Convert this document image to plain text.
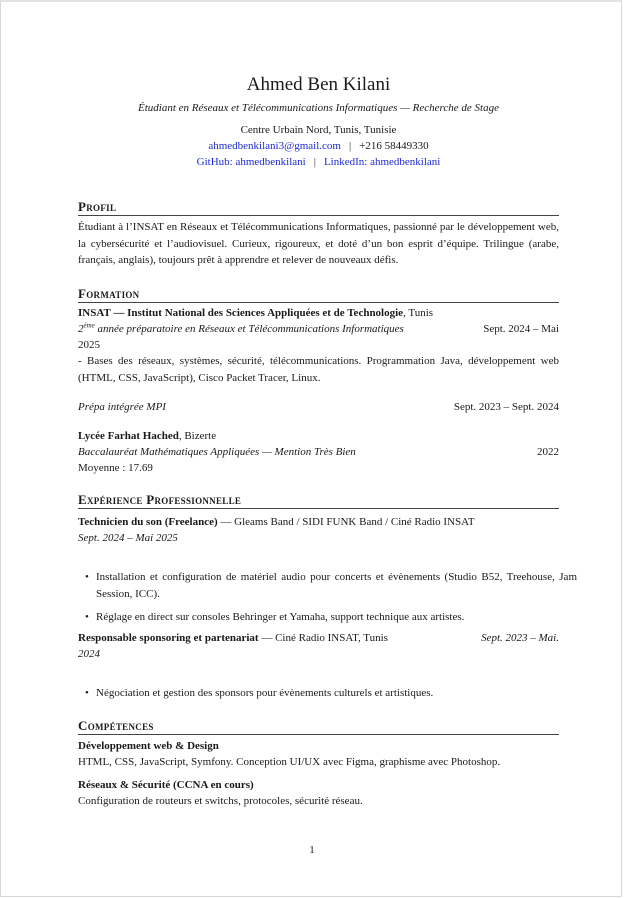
Ahmed Ben Kilani
Étudiant en Réseaux et Télécommunications Informatiques — Recherche de Stage
Centre Urbain Nord, Tunis, Tunisie
ahmedbenkilani3@gmail.com | +216 58449330
GitHub: ahmedbenkilani | LinkedIn: ahmedbenkilani
Profil
Étudiant à l’INSAT en Réseaux et Télécommunications Informatiques, passionné par le développement web, la cybersécurité et l’audiovisuel. Curieux, rigoureux, et doté d’un bon esprit d’équipe. Trilingue (arabe, français, anglais), toujours prêt à apprendre et relever de nouveaux défis.
Formation
INSAT — Institut National des Sciences Appliquées et de Technologie, Tunis
2ème année préparatoire en Réseaux et Télécommunications Informatiques	Sept. 2024 – Mai
2025
- Bases des réseaux, systèmes, sécurité, télécommunications. Programmation Java, développement web (HTML, CSS, JavaScript), Cisco Packet Tracer, Linux.
Prépa intégrée MPI	Sept. 2023 – Sept. 2024
Lycée Farhat Hached, Bizerte
Baccalauréat Mathématiques Appliquées — Mention Très Bien	2022
Moyenne : 17.69
Expérience Professionnelle
Technicien du son (Freelance) — Gleams Band / SIDI FUNK Band / Ciné Radio INSAT
Sept. 2024 – Mai 2025
• Installation et configuration de matériel audio pour concerts et évènements (Studio B52, Treehouse, Jam Session, ICC).
• Réglage en direct sur consoles Behringer et Yamaha, support technique aux artistes.
Responsable sponsoring et partenariat — Ciné Radio INSAT, Tunis	Sept. 2023 – Mai.
2024
• Négociation et gestion des sponsors pour évènements culturels et artistiques.
Compétences
Développement web & Design
HTML, CSS, JavaScript, Symfony. Conception UI/UX avec Figma, graphisme avec Photoshop.
Réseaux & Sécurité (CCNA en cours)
Configuration de routeurs et switchs, protocoles, sécurité réseau.
1
